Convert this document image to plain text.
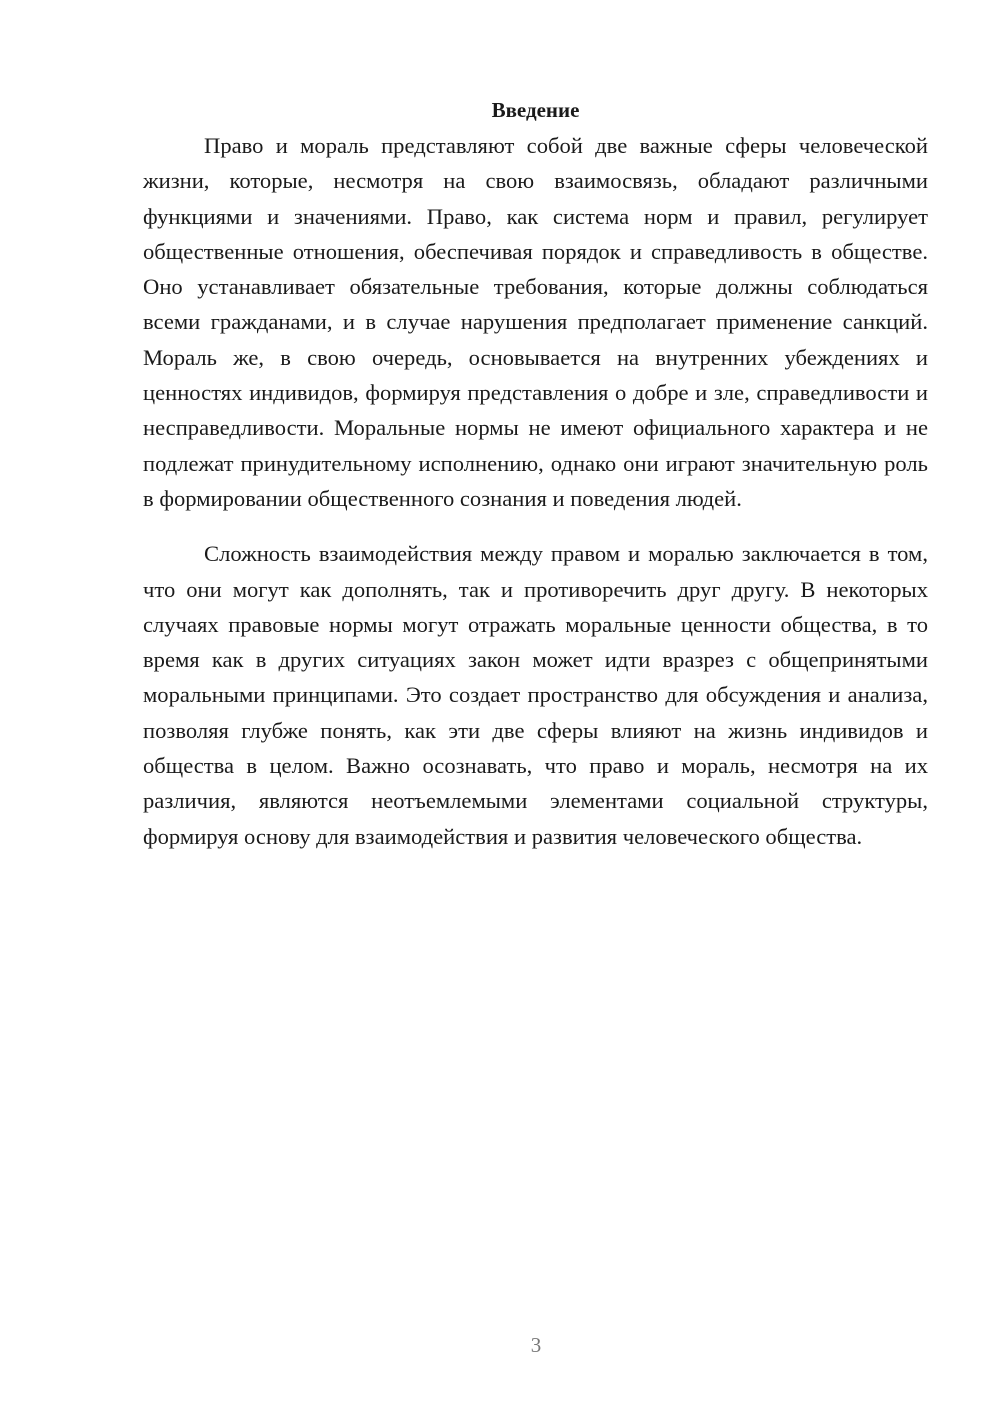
Введение

Право и мораль представляют собой две важные сферы человеческой жизни, которые, несмотря на свою взаимосвязь, обладают различными функциями и значениями. Право, как система норм и правил, регулирует общественные отношения, обеспечивая порядок и справедливость в обществе. Оно устанавливает обязательные требования, которые должны соблюдаться всеми гражданами, и в случае нарушения предполагает применение санкций. Мораль же, в свою очередь, основывается на внутренних убеждениях и ценностях индивидов, формируя представления о добре и зле, справедливости и несправедливости. Моральные нормы не имеют официального характера и не подлежат принудительному исполнению, однако они играют значительную роль в формировании общественного сознания и поведения людей.

Сложность взаимодействия между правом и моралью заключается в том, что они могут как дополнять, так и противоречить друг другу. В некоторых случаях правовые нормы могут отражать моральные ценности общества, в то время как в других ситуациях закон может идти вразрез с общепринятыми моральными принципами. Это создает пространство для обсуждения и анализа, позволяя глубже понять, как эти две сферы влияют на жизнь индивидов и общества в целом. Важно осознавать, что право и мораль, несмотря на их различия, являются неотъемлемыми элементами социальной структуры, формируя основу для взаимодействия и развития человеческого общества.

3
